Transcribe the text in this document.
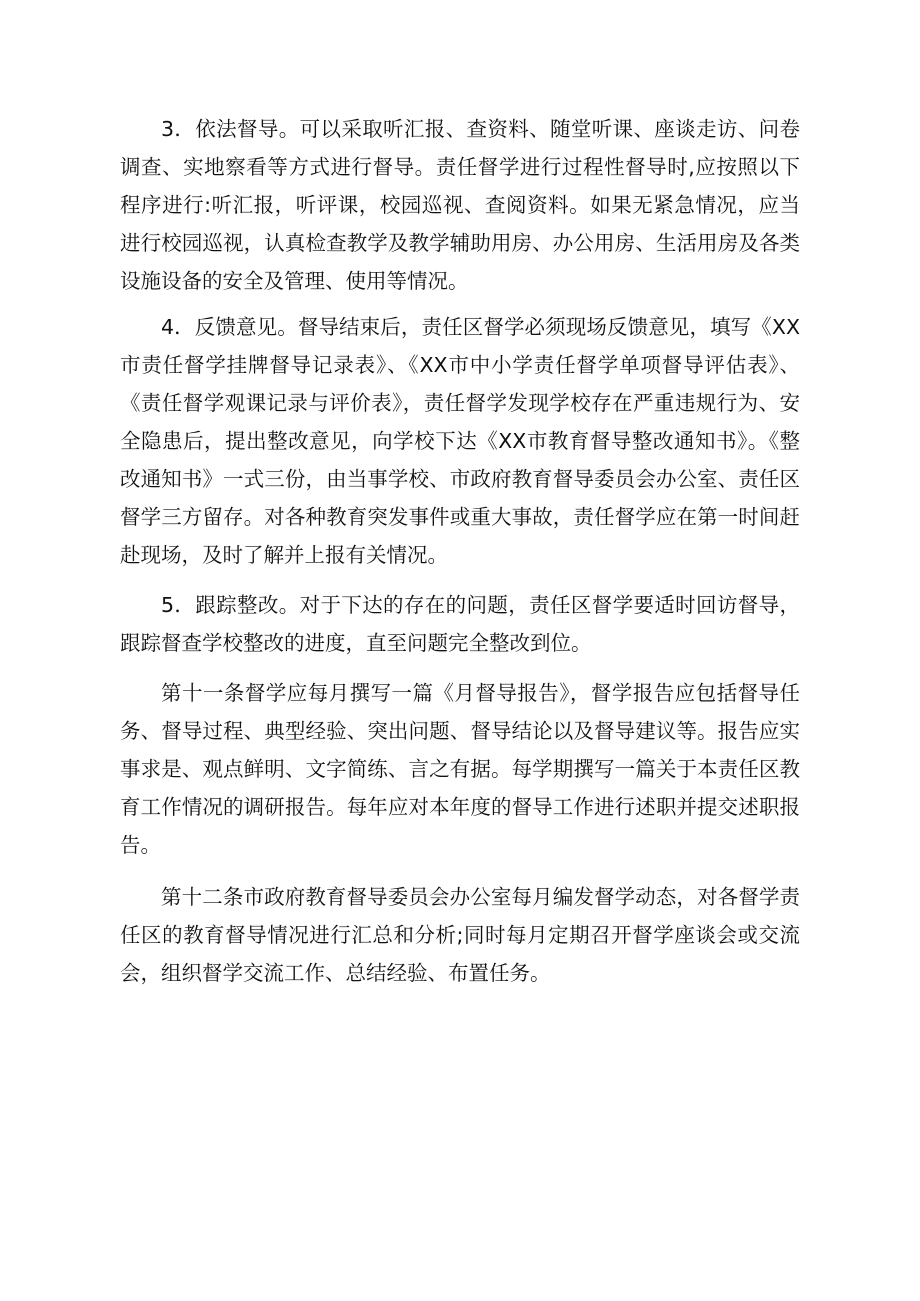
3．依法督导。可以采取听汇报、查资料、随堂听课、座谈走访、问卷调查、实地察看等方式进行督导。责任督学进行过程性督导时,应按照以下程序进行:听汇报，听评课，校园巡视、查阅资料。如果无紧急情况，应当进行校园巡视，认真检查教学及教学辅助用房、办公用房、生活用房及各类设施设备的安全及管理、使用等情况。

4．反馈意见。督导结束后，责任区督学必须现场反馈意见，填写《XX市责任督学挂牌督导记录表》、《XX市中小学责任督学单项督导评估表》、《责任督学观课记录与评价表》，责任督学发现学校存在严重违规行为、安全隐患后，提出整改意见，向学校下达《XX市教育督导整改通知书》。《整改通知书》一式三份，由当事学校、市政府教育督导委员会办公室、责任区督学三方留存。对各种教育突发事件或重大事故，责任督学应在第一时间赶赴现场，及时了解并上报有关情况。

5．跟踪整改。对于下达的存在的问题，责任区督学要适时回访督导，跟踪督查学校整改的进度，直至问题完全整改到位。

第十一条督学应每月撰写一篇《月督导报告》，督学报告应包括督导任务、督导过程、典型经验、突出问题、督导结论以及督导建议等。报告应实事求是、观点鲜明、文字简练、言之有据。每学期撰写一篇关于本责任区教育工作情况的调研报告。每年应对本年度的督导工作进行述职并提交述职报告。

第十二条市政府教育督导委员会办公室每月编发督学动态，对各督学责任区的教育督导情况进行汇总和分析;同时每月定期召开督学座谈会或交流会，组织督学交流工作、总结经验、布置任务。
